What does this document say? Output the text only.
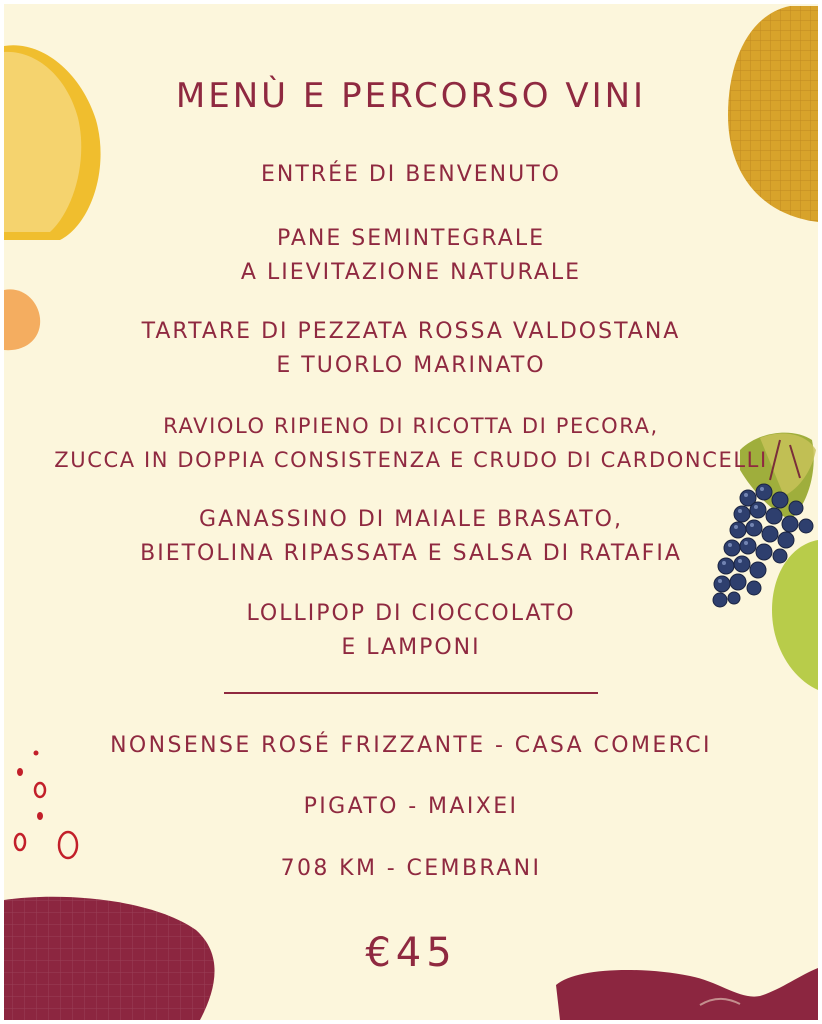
MENÙ E PERCORSO VINI
ENTRÉE DI BENVENUTO
PANE SEMINTEGRALE
A LIEVITAZIONE NATURALE
TARTARE DI PEZZATA ROSSA VALDOSTANA
E TUORLO MARINATO
RAVIOLO RIPIENO DI RICOTTA DI PECORA,
ZUCCA IN DOPPIA CONSISTENZA E CRUDO DI CARDONCELLI
GANASSINO DI MAIALE BRASATO,
BIETOLINA RIPASSATA E SALSA DI RATAFIA
LOLLIPOP DI CIOCCOLATO
E LAMPONI
NONSENSE ROSÉ FRIZZANTE - CASA COMERCI
PIGATO - MAIXEI
708 KM - CEMBRANI
€45
